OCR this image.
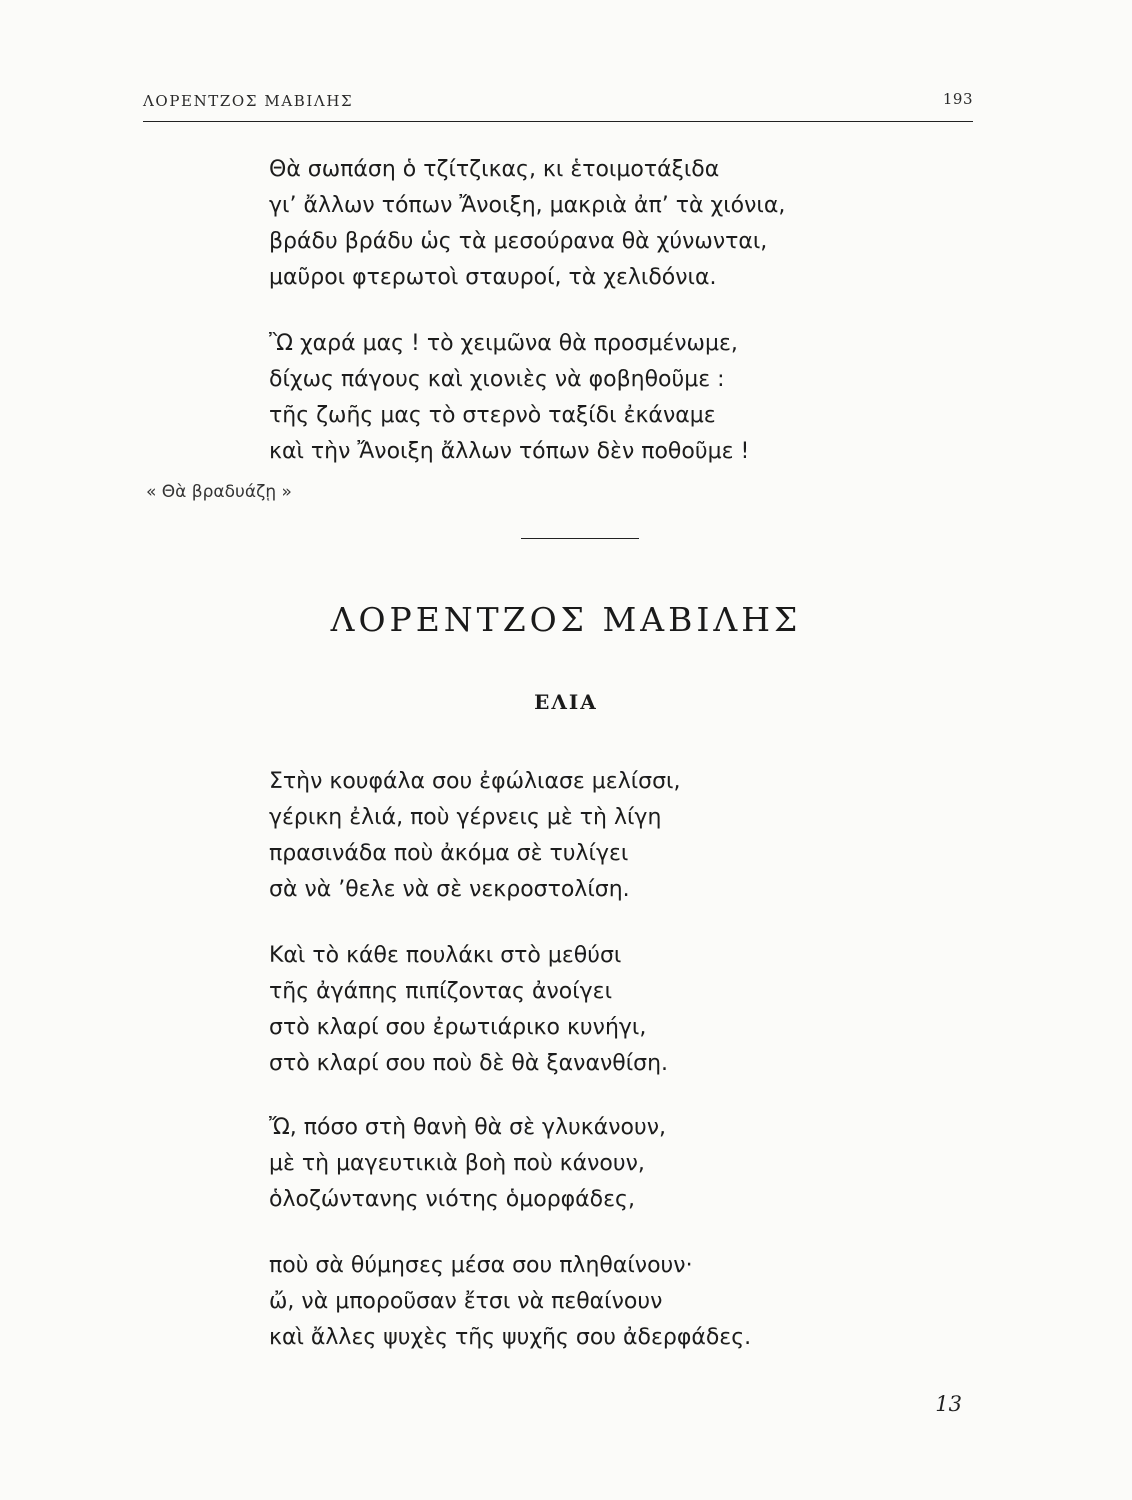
ΛΟΡΕΝΤΖΟΣ ΜΑΒΙΛΗΣ	193
Θὰ σωπάση ὁ τζίτζικας, κι ἑτοιμοτάξιδα
γι’ ἄλλων τόπων Ἄνοιξη, μακριὰ ἀπ’ τὰ χιόνια,
βράδυ βράδυ ὡς τὰ μεσούρανα θὰ χύνωνται,
μαῦροι φτερωτοὶ σταυροί, τὰ χελιδόνια.
Ὢ χαρά μας ! τὸ χειμῶνα θὰ προσμένωμε,
δίχως πάγους καὶ χιονιὲς νὰ φοβηθοῦμε :
τῆς ζωῆς μας τὸ στερνὸ ταξίδι ἐκάναμε
καὶ τὴν Ἄνοιξη ἄλλων τόπων δὲν ποθοῦμε !
« Θὰ βραδυάζῃ »
ΛΟΡΕΝΤΖΟΣ ΜΑΒΙΛΗΣ
ΕΛΙΑ
Στὴν κουφάλα σου ἐφώλιασε μελίσσι,
γέρικη ἐλιά, ποὺ γέρνεις μὲ τὴ λίγη
πρασινάδα ποὺ ἀκόμα σὲ τυλίγει
σὰ νὰ ’θελε νὰ σὲ νεκροστολίση.
Καὶ τὸ κάθε πουλάκι στὸ μεθύσι
τῆς ἀγάπης πιπίζοντας ἀνοίγει
στὸ κλαρί σου ἐρωτιάρικο κυνήγι,
στὸ κλαρί σου ποὺ δὲ θὰ ξανανθίση.
Ὤ, πόσο στὴ θανὴ θὰ σὲ γλυκάνουν,
μὲ τὴ μαγευτικιὰ βοὴ ποὺ κάνουν,
ὁλοζώντανης νιότης ὁμορφάδες,
ποὺ σὰ θύμησες μέσα σου πληθαίνουν·
ὤ, νὰ μποροῦσαν ἔτσι νὰ πεθαίνουν
καὶ ἄλλες ψυχὲς τῆς ψυχῆς σου ἀδερφάδες.
13
